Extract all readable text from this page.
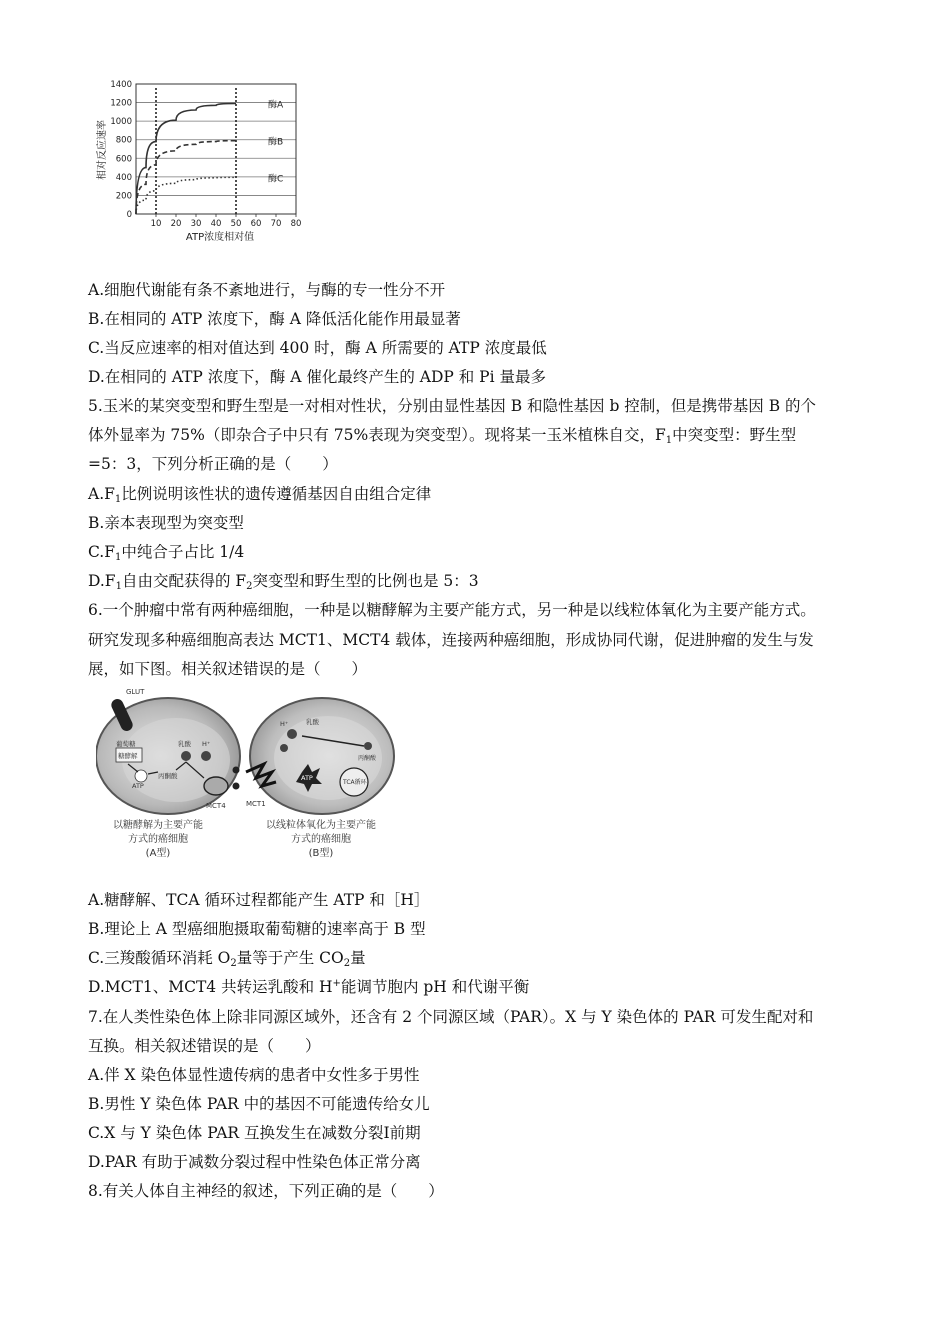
酶A
酶B
酶C
0
200
400
600
800
1000
1200
1400
10 20 30 40 50 60 70 80
相对反应速率
ATP浓度相对值
A.细胞代谢能有条不紊地进行，与酶的专一性分不开
B.在相同的 ATP 浓度下，酶 A 降低活化能作用最显著
C.当反应速率的相对值达到 400 时，酶 A 所需要的 ATP 浓度最低
D.在相同的 ATP 浓度下，酶 A 催化最终产生的 ADP 和 Pi 量最多
5.玉米的某突变型和野生型是一对相对性状，分别由显性基因 B 和隐性基因 b 控制，但是携带基因 B 的个
体外显率为 75%（即杂合子中只有 75%表现为突变型）。现将某一玉米植株自交，$F_1$中突变型：野生型
=5：3，下列分析正确的是（　　）
$A.F_1$比例说明该性状的遗传遵循基因自由组合定律
B.亲本表现型为突变型
$C.F_1$中纯合子占比 1/4
$D.F_1$自由交配获得的 $F_2$突变型和野生型的比例也是 5：3
6.一个肿瘤中常有两种癌细胞，一种是以糖酵解为主要产能方式，另一种是以线粒体氧化为主要产能方式。
研究发现多种癌细胞高表达 MCT1、MCT4 载体，连接两种癌细胞，形成协同代谢，促进肿瘤的发生与发
展，如下图。相关叙述错误的是（　　）
GLUT
葡萄糖
糖酵解
ATP
丙酮酸
乳酸 H⁺
MCT4	MCT1
乳酸
H⁺
丙酮酸
ATP
TCA循环
以糖酵解为主要产能
方式的癌细胞
(A型)
以线粒体氧化为主要产能
方式的癌细胞
(B型)
A.糖酵解、TCA 循环过程都能产生 ATP 和［H］
B.理论上 A 型癌细胞摄取葡萄糖的速率高于 B 型
C.三羧酸循环消耗 $O_2$量等于产生 $CO_2$量
D.MCT1、MCT4 共转运乳酸和 H+能调节胞内 pH 和代谢平衡
7.在人类性染色体上除非同源区域外，还含有 2 个同源区域（PAR）。X 与 Y 染色体的 PAR 可发生配对和
互换。相关叙述错误的是（　　）
A.伴 X 染色体显性遗传病的患者中女性多于男性
B.男性 Y 染色体 PAR 中的基因不可能遗传给女儿
C.X 与 Y 染色体 PAR 互换发生在减数分裂Ⅰ前期
D.PAR 有助于减数分裂过程中性染色体正常分离
8.有关人体自主神经的叙述，下列正确的是（　　）
